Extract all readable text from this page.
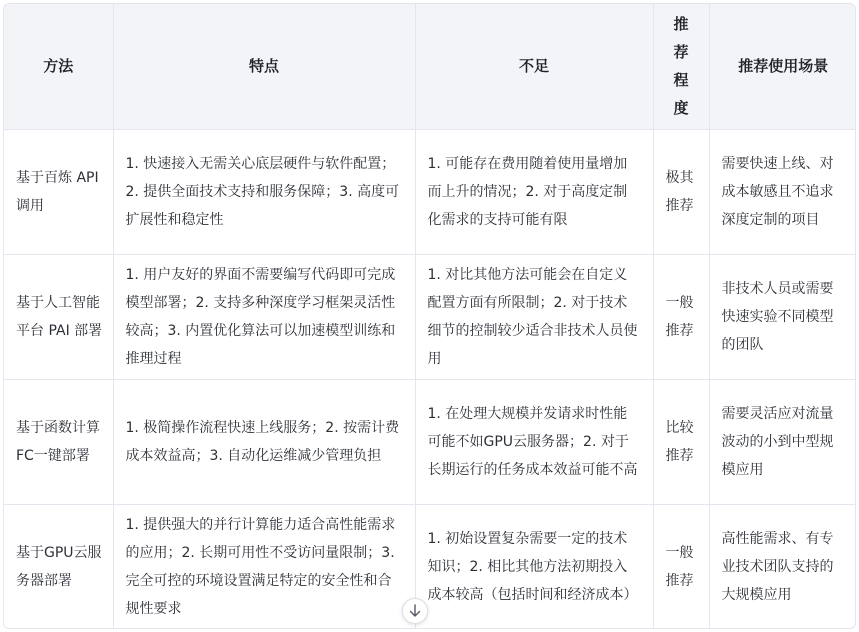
方法	特点	不足	推荐程度	推荐使用场景
基于百炼 API 调用	1. 快速接入无需关心底层硬件与软件配置；2. 提供全面技术支持和服务保障；3. 高度可扩展性和稳定性	1. 可能存在费用随着使用量增加而上升的情况；2. 对于高度定制化需求的支持可能有限	极其推荐	需要快速上线、对成本敏感且不追求深度定制的项目
基于人工智能平台 PAI 部署	1. 用户友好的界面不需要编写代码即可完成模型部署；2. 支持多种深度学习框架灵活性较高；3. 内置优化算法可以加速模型训练和推理过程	1. 对比其他方法可能会在自定义配置方面有所限制；2. 对于技术细节的控制较少适合非技术人员使用	一般推荐	非技术人员或需要快速实验不同模型的团队
基于函数计算FC一键部署	1. 极简操作流程快速上线服务；2. 按需计费成本效益高；3. 自动化运维减少管理负担	1. 在处理大规模并发请求时性能可能不如GPU云服务器；2. 对于长期运行的任务成本效益可能不高	比较推荐	需要灵活应对流量波动的小到中型规模应用
基于GPU云服务器部署	1. 提供强大的并行计算能力适合高性能需求的应用；2. 长期可用性不受访问量限制；3. 完全可控的环境设置满足特定的安全性和合规性要求	1. 初始设置复杂需要一定的技术知识；2. 相比其他方法初期投入成本较高（包括时间和经济成本）	一般推荐	高性能需求、有专业技术团队支持的大规模应用
